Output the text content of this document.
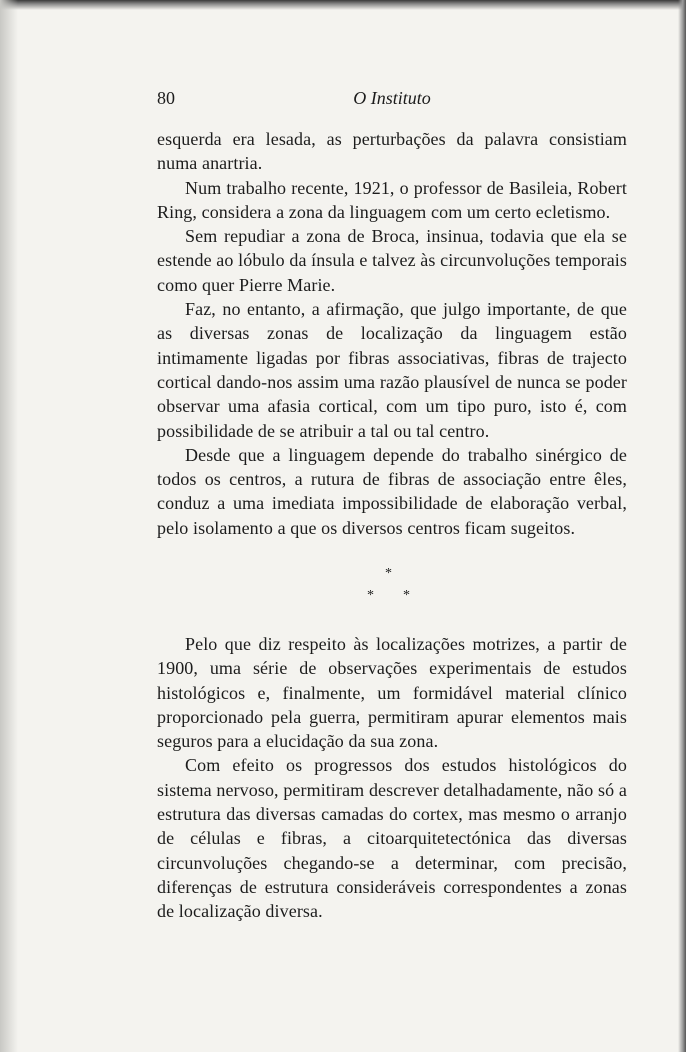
80	O Instituto

esquerda era lesada, as perturbações da palavra consistiam numa anartria.

Num trabalho recente, 1921, o professor de Basileia, Robert Ring, considera a zona da linguagem com um certo ecletismo.

Sem repudiar a zona de Broca, insinua, todavia que ela se estende ao lóbulo da ínsula e talvez às circunvoluções temporais como quer Pierre Marie.

Faz, no entanto, a afirmação, que julgo importante, de que as diversas zonas de localização da linguagem estão intimamente ligadas por fibras associativas, fibras de trajecto cortical dando-nos assim uma razão plausível de nunca se poder observar uma afasia cortical, com um tipo puro, isto é, com possibilidade de se atribuir a tal ou tal centro.

Desde que a linguagem depende do trabalho sinérgico de todos os centros, a rutura de fibras de associação entre êles, conduz a uma imediata impossibilidade de elaboração verbal, pelo isolamento a que os diversos centros ficam sugeitos.

*
* *

Pelo que diz respeito às localizações motrizes, a partir de 1900, uma série de observações experimentais de estudos histológicos e, finalmente, um formidável material clínico proporcionado pela guerra, permitiram apurar elementos mais seguros para a elucidação da sua zona.

Com efeito os progressos dos estudos histológicos do sistema nervoso, permitiram descrever detalhadamente, não só a estrutura das diversas camadas do cortex, mas mesmo o arranjo de células e fibras, a citoarquitetectónica das diversas circunvoluções chegando-se a determinar, com precisão, diferenças de estrutura consideráveis correspondentes a zonas de localização diversa.
